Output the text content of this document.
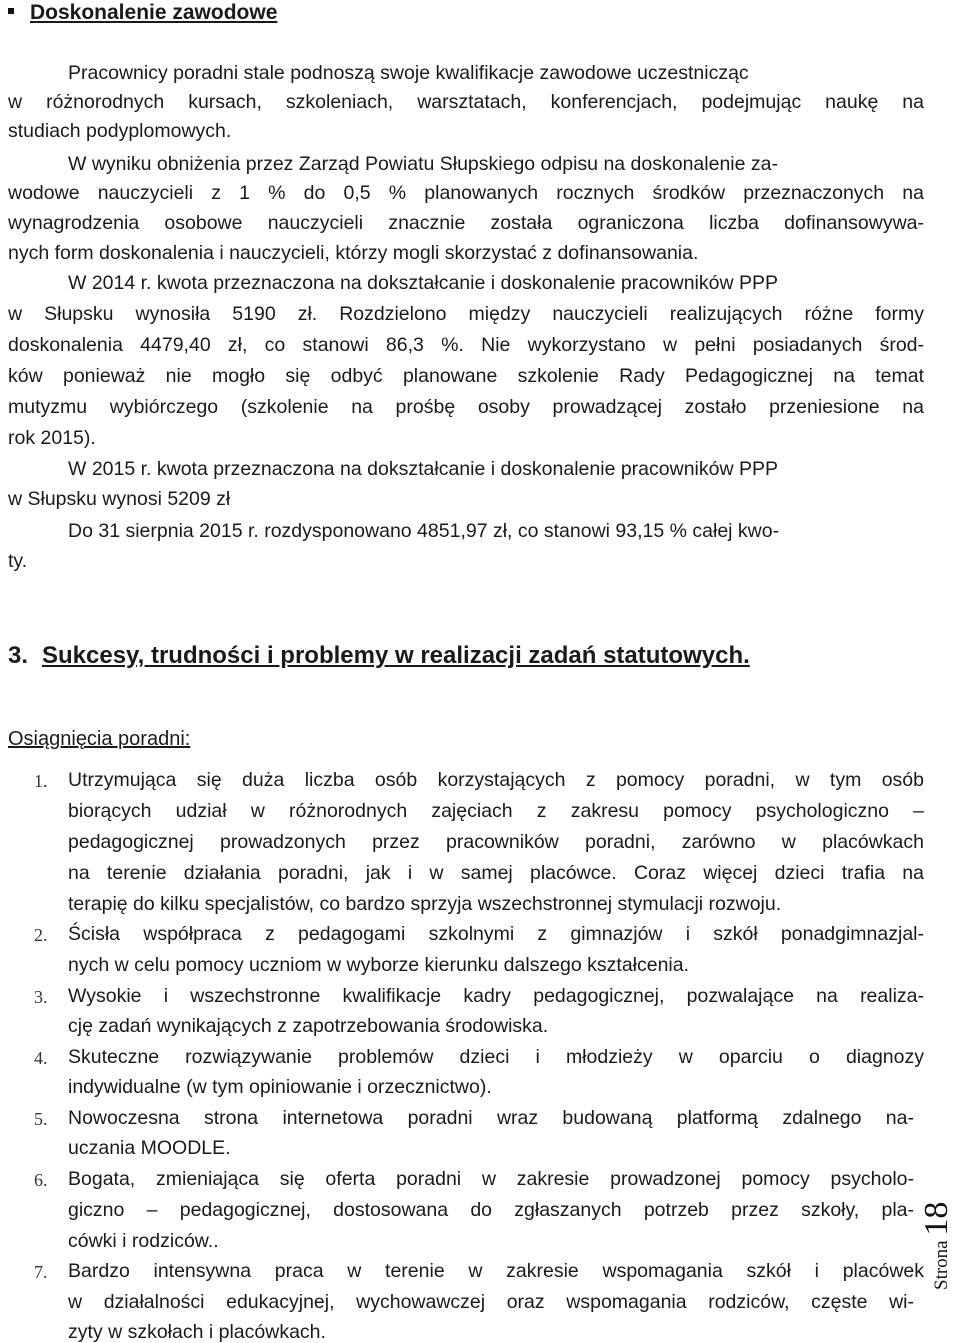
Doskonalenie zawodowe
Pracownicy poradni stale podnoszą swoje kwalifikacje zawodowe uczestnicząc
w różnorodnych kursach, szkoleniach, warsztatach, konferencjach, podejmując naukę na
studiach podyplomowych.
W wyniku obniżenia przez Zarząd Powiatu Słupskiego odpisu na doskonalenie za-
wodowe nauczycieli z 1 % do 0,5 % planowanych rocznych środków przeznaczonych na
wynagrodzenia osobowe nauczycieli znacznie została ograniczona liczba dofinansowywa-
nych form doskonalenia i nauczycieli, którzy mogli skorzystać z dofinansowania.
W 2014 r. kwota przeznaczona na dokształcanie i doskonalenie pracowników PPP
w Słupsku wynosiła 5190 zł. Rozdzielono między nauczycieli realizujących różne formy
doskonalenia 4479,40 zł, co stanowi 86,3 %. Nie wykorzystano w pełni posiadanych środ-
ków ponieważ nie mogło się odbyć planowane szkolenie Rady Pedagogicznej na temat
mutyzmu wybiórczego (szkolenie na prośbę osoby prowadzącej zostało przeniesione na
rok 2015).
W 2015 r. kwota przeznaczona na dokształcanie i doskonalenie pracowników PPP
w Słupsku wynosi 5209 zł
Do 31 sierpnia 2015 r. rozdysponowano 4851,97 zł, co stanowi 93,15 % całej kwo-
ty.
3. Sukcesy, trudności i problemy w realizacji zadań statutowych.
Osiągnięcia poradni:
1. Utrzymująca się duża liczba osób korzystających z pomocy poradni, w tym osób
biorących udział w różnorodnych zajęciach z zakresu pomocy psychologiczno –
pedagogicznej prowadzonych przez pracowników poradni, zarówno w placówkach
na terenie działania poradni, jak i w samej placówce. Coraz więcej dzieci trafia na
terapię do kilku specjalistów, co bardzo sprzyja wszechstronnej stymulacji rozwoju.
2. Ścisła współpraca z pedagogami szkolnymi z gimnazjów i szkół ponadgimnazjal-
nych w celu pomocy uczniom w wyborze kierunku dalszego kształcenia.
3. Wysokie i wszechstronne kwalifikacje kadry pedagogicznej, pozwalające na realiza-
cję zadań wynikających z zapotrzebowania środowiska.
4. Skuteczne rozwiązywanie problemów dzieci i młodzieży w oparciu o diagnozy
indywidualne (w tym opiniowanie i orzecznictwo).
5. Nowoczesna strona internetowa poradni wraz budowaną platformą zdalnego na-
uczania MOODLE.
6. Bogata, zmieniająca się oferta poradni w zakresie prowadzonej pomocy psycholo-
giczno – pedagogicznej, dostosowana do zgłaszanych potrzeb przez szkoły, pla-
cówki i rodziców..
7. Bardzo intensywna praca w terenie w zakresie wspomagania szkół i placówek
w działalności edukacyjnej, wychowawczej oraz wspomagania rodziców, częste wi-
zyty w szkołach i placówkach.
Strona 18
